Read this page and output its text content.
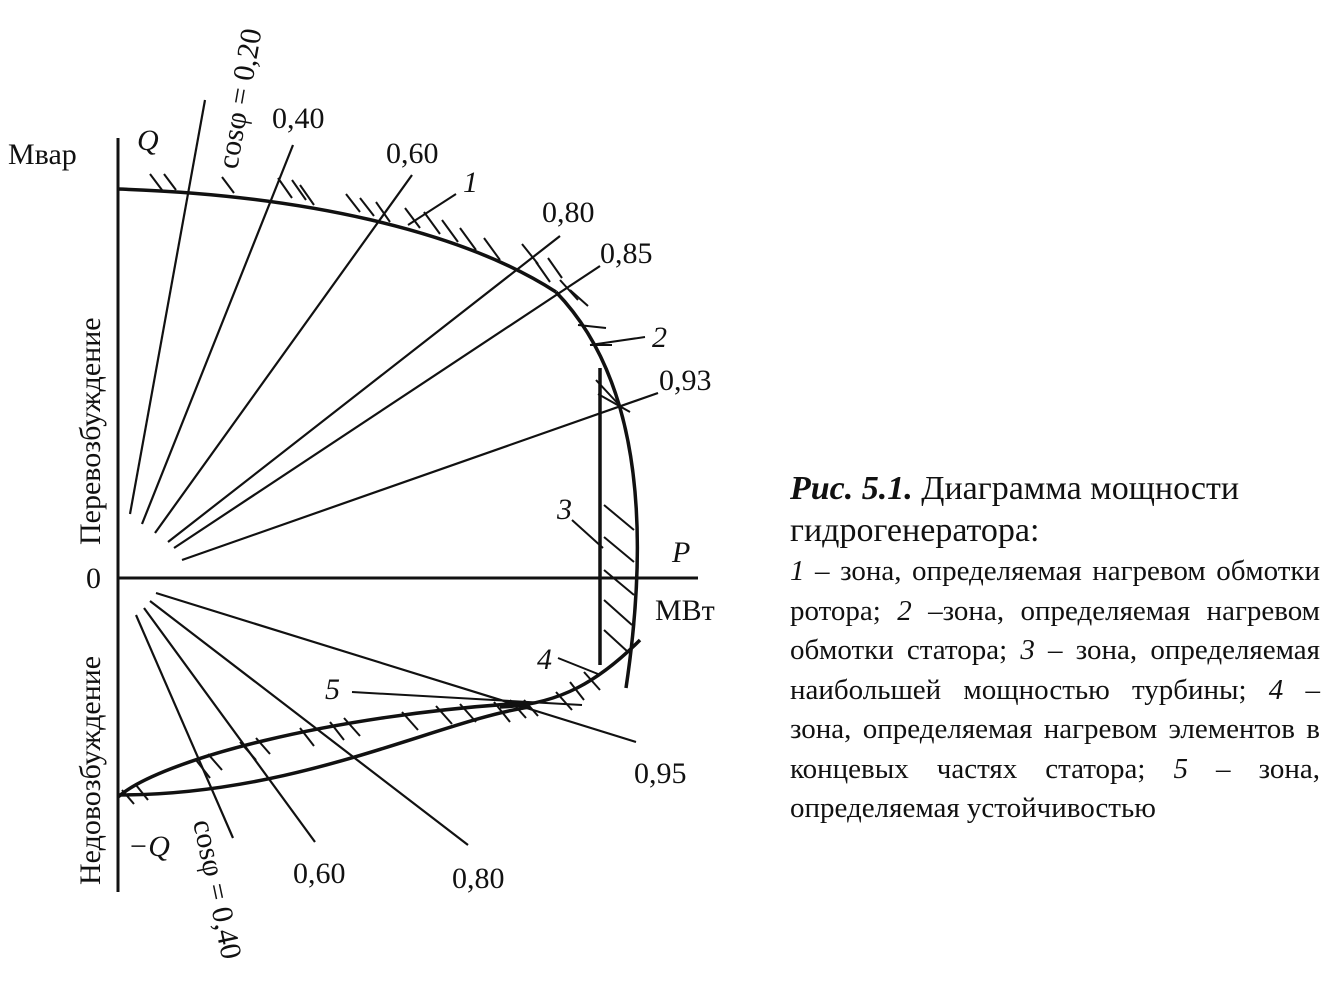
Мвар Q
−Q
0
P
МВт
Перевозбуждение
Недовозбуждение
cosφ = 0,20 0,40
0,60
0,80
0,85
0,93
0,95
0,80
0,60
cosφ = 0,40
1
2
3
4
5
Рис. 5.1. Диаграмма мощности гидрогенератора:

1 – зона, определяемая нагревом обмотки ротора; 2 –зона, определяемая нагревом обмотки статора; 3 – зона, определяемая наибольшей мощностью турбины; 4 – зона, определяемая нагревом элементов в концевых частях статора; 5 – зона, определяемая устойчивостью
